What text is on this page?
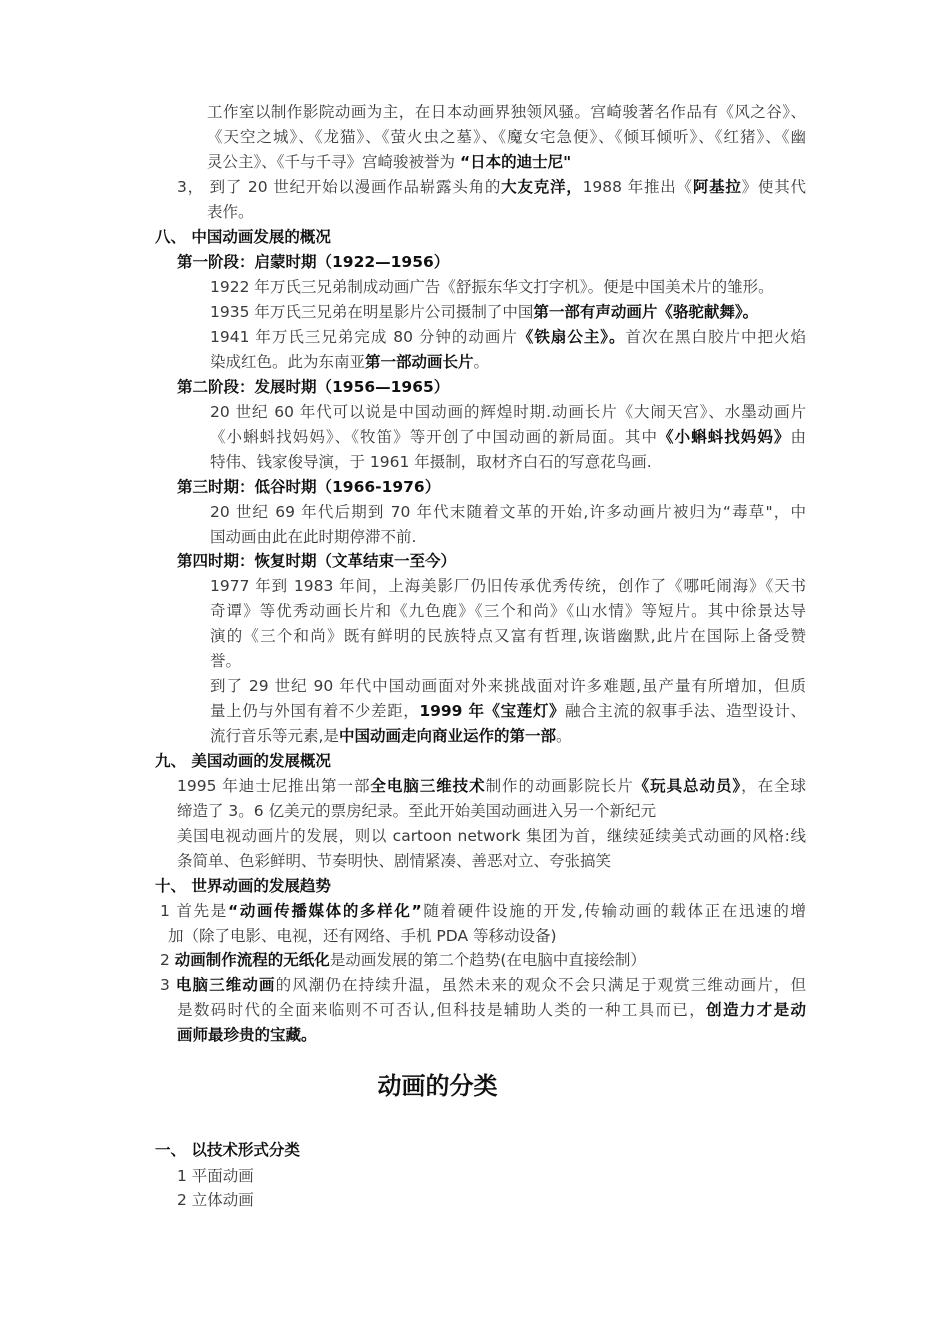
动画的分类
工作室以制作影院动画为主，在日本动画界独领风骚。宫崎骏著名作品有《风之谷》、
《天空之城》、《龙猫》、《萤火虫之墓》、《魔女宅急便》、《倾耳倾听》、《红猪》、《幽
灵公主》、《千与千寻》宫崎骏被誉为 “日本的迪士尼"
3， 到了 20 世纪开始以漫画作品崭露头角的大友克洋，1988 年推出《阿基拉》使其代
表作。
八、 中国动画发展的概况
第一阶段：启蒙时期（1922—1956）
1922 年万氏三兄弟制成动画广告《舒振东华文打字机》。便是中国美术片的雏形。
1935 年万氏三兄弟在明星影片公司摄制了中国第一部有声动画片《骆驼献舞》。
1941 年万氏三兄弟完成 80 分钟的动画片《铁扇公主》。首次在黑白胶片中把火焰
染成红色。此为东南亚第一部动画长片。
第二阶段：发展时期（1956—1965）
20 世纪 60 年代可以说是中国动画的辉煌时期.动画长片《大闹天宫》、水墨动画片
《小蝌蚪找妈妈》、《牧笛》等开创了中国动画的新局面。其中《小蝌蚪找妈妈》由
特伟、钱家俊导演，于 1961 年摄制，取材齐白石的写意花鸟画.
第三时期：低谷时期（1966-1976）
20 世纪 69 年代后期到 70 年代末随着文革的开始,许多动画片被归为“毒草"，中
国动画由此在此时期停滞不前.
第四时期：恢复时期（文革结束一至今）
1977 年到 1983 年间，上海美影厂仍旧传承优秀传统，创作了《哪吒闹海》《天书
奇谭》等优秀动画长片和《九色鹿》《三个和尚》《山水情》等短片。其中徐景达导
演的《三个和尚》既有鲜明的民族特点又富有哲理,诙谐幽默,此片在国际上备受赞
誉。
到了 29 世纪 90 年代中国动画面对外来挑战面对许多难题,虽产量有所增加，但质
量上仍与外国有着不少差距，1999 年《宝莲灯》融合主流的叙事手法、造型设计、
流行音乐等元素,是中国动画走向商业运作的第一部。
九、 美国动画的发展概况
1995 年迪士尼推出第一部全电脑三维技术制作的动画影院长片《玩具总动员》，在全球
缔造了 3。6 亿美元的票房纪录。至此开始美国动画进入另一个新纪元
美国电视动画片的发展，则以 cartoon network 集团为首，继续延续美式动画的风格:线
条简单、色彩鲜明、节奏明快、剧情紧凑、善恶对立、夸张搞笑
十、 世界动画的发展趋势
1 首先是“动画传播媒体的多样化”随着硬件设施的开发,传输动画的载体正在迅速的增
加（除了电影、电视，还有网络、手机 PDA 等移动设备)
2 动画制作流程的无纸化是动画发展的第二个趋势(在电脑中直接绘制）
3 电脑三维动画的风潮仍在持续升温，虽然未来的观众不会只满足于观赏三维动画片，但
是数码时代的全面来临则不可否认,但科技是辅助人类的一种工具而已，创造力才是动
画师最珍贵的宝藏。
一、 以技术形式分类
1 平面动画
2 立体动画
